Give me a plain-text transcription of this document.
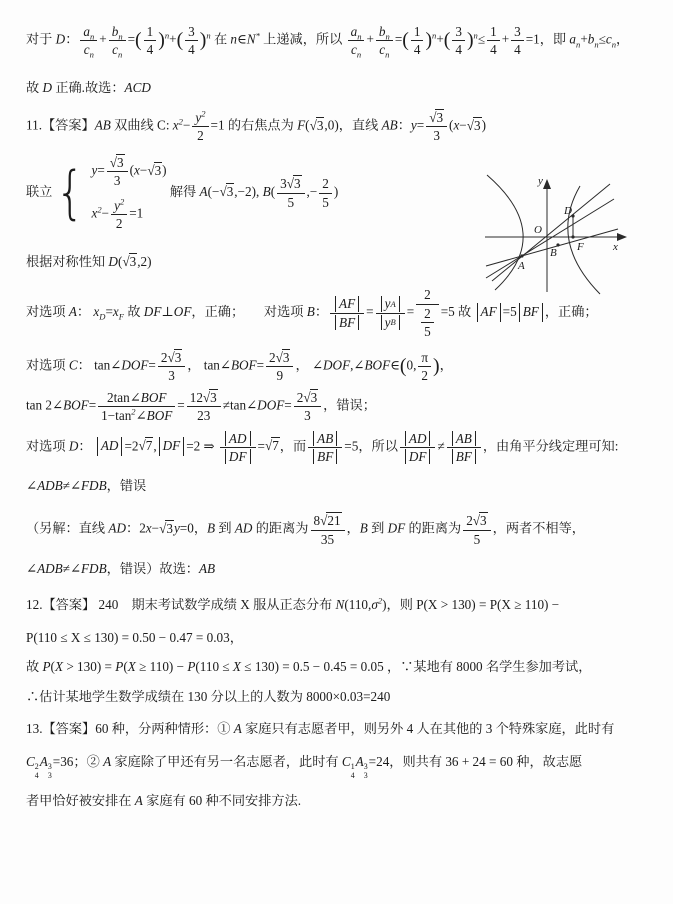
对于 D： $\frac{a_n}{c_n} + \frac{b_n}{c_n}$ =( $\frac{1}{4} )^n+( \frac{3}{4} )^n$ 在 n∈N* 上递减，所以 $\frac{a_n}{c_n} + \frac{b_n}{c_n}$ =( $\frac{1}{4} )^n+( \frac{3}{4} )^n\le \frac{1}{4} + \frac{3}{4} =1$，即 $a_n+b_n\le c_n$，
故 D 正确.故选：ACD
11.【答案】AB 双曲线 C: $x^2- \frac{y^2}{2} =1$ 的右焦点为 F(√3,0)，直线 AB：$y= \frac{√3}{3} (x-√3)$
联立 { $y= \frac{√3}{3} (x-√3)$
$x^2- \frac{y^2}{2} =1$
解得 A(−√3,−2), $B( \frac{3√3}{5}$ ,− $\frac{2}{5}$ )
根据对称性知 D(√3,2)
对选项 A： $x_D=x_F$ 故 DF⊥OF，正确；　　对选项 B： $\frac{AF}{BF} = \frac{\text{y A}}{\text{y B}} = \frac{2}{\frac{2}{5}} =5$ 故 AF =5 BF ，正确；
对选项 C： tan∠DOF= $\frac{2√3}{3}$ ， tan∠BOF= $\frac{2√3}{9}$ ， ∠DOF,∠BOF∈(0, $\frac{\pi}{2}$ )，
tan 2∠BOF=
2tan∠BOF
$1-\tan^2\angle BOF$
= $\frac{12√3}{23}$ ≠tan∠DOF= $\frac{2√3}{3}$ ，错误；
对选项 D： AD =2√7, DF =2 ⇒ $\frac{AD}{DF} =√7$，而 $\frac{AB}{BF} =5$，所以 $\frac{AD}{DF} \ne \frac{AB}{BF}$ ，由角平分线定理可知:
∠ADB≠∠FDB，错误
（另解：直线 AD：2x−√3y=0，B 到 AD 的距离为 $\frac{8√21}{35}$ ，B 到 DF 的距离为 $\frac{2√3}{5}$ ，两者不相等，
∠ADB≠∠FDB，错误）故选：AB
12.【答案】 240　期末考试数学成绩 X 服从正态分布 $N(110,\sigma^2)$，则 P(X > 130) = P(X ≥ 110) −
P(110 ≤ X ≤ 130) = 0.50 − 0.47 = 0.03，
故 P(X > 130) = P(X ≥ 110) − P(110 ≤ X ≤ 130) = 0.5 − 0.45 = 0.05 ，∵某地有 8000 名学生参加考试，
∴估计某地学生数学成绩在 130 分以上的人数为 8000×0.03=240
13.【答案】60 种，分两种情形：① A 家庭只有志愿者甲，则另外 4 人在其他的 3 个特殊家庭，此时有
C 2
4
A 3
3
=36；② A 家庭除了甲还有另一名志愿者，此时有 C 1
4
A 3
3
=24，则共有 36 + 24 = 60 种，故志愿
者甲恰好被安排在 A 家庭有 60 种不同安排方法.
y
x
O
D
B F
A
